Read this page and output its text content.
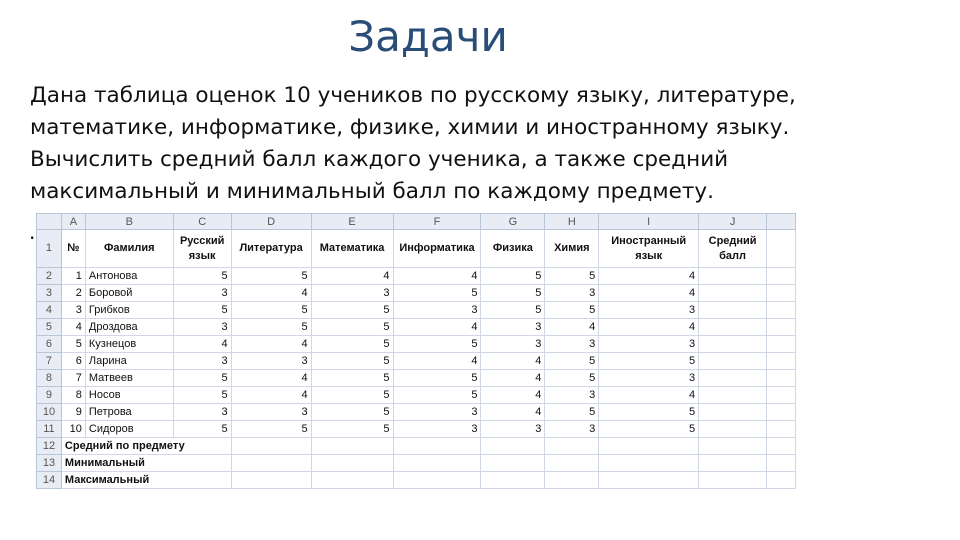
Задачи

Дана таблица оценок 10 учеников по русскому языку, литературе,
математике, информатике, физике, химии и иностранному языку.
Вычислить средний балл каждого ученика, а также средний
максимальный и минимальный балл по каждому предмету.

.
		A	B	C	D	E	F	G	H	I	J	
1	№	Фамилия	Русский язык	Литература	Математика	Информатика	Физика	Химия	Иностранный язык	Средний балл	
2	1	Антонова	5	5	4	4	5	5	4		
3	2	Боровой	3	4	3	5	5	3	4		
4	3	Грибков	5	5	5	3	5	5	3		
5	4	Дроздова	3	5	5	4	3	4	4		
6	5	Кузнецов	4	4	5	5	3	3	3		
7	6	Ларина	3	3	5	4	4	5	5		
8	7	Матвеев	5	4	5	5	4	5	3		
9	8	Носов	5	4	5	5	4	3	4		
10	9	Петрова	3	3	5	3	4	5	5		
11	10	Сидоров	5	5	5	3	3	3	5		
12	Средний по предмету										
13	Минимальный										
14	Максимальный										
